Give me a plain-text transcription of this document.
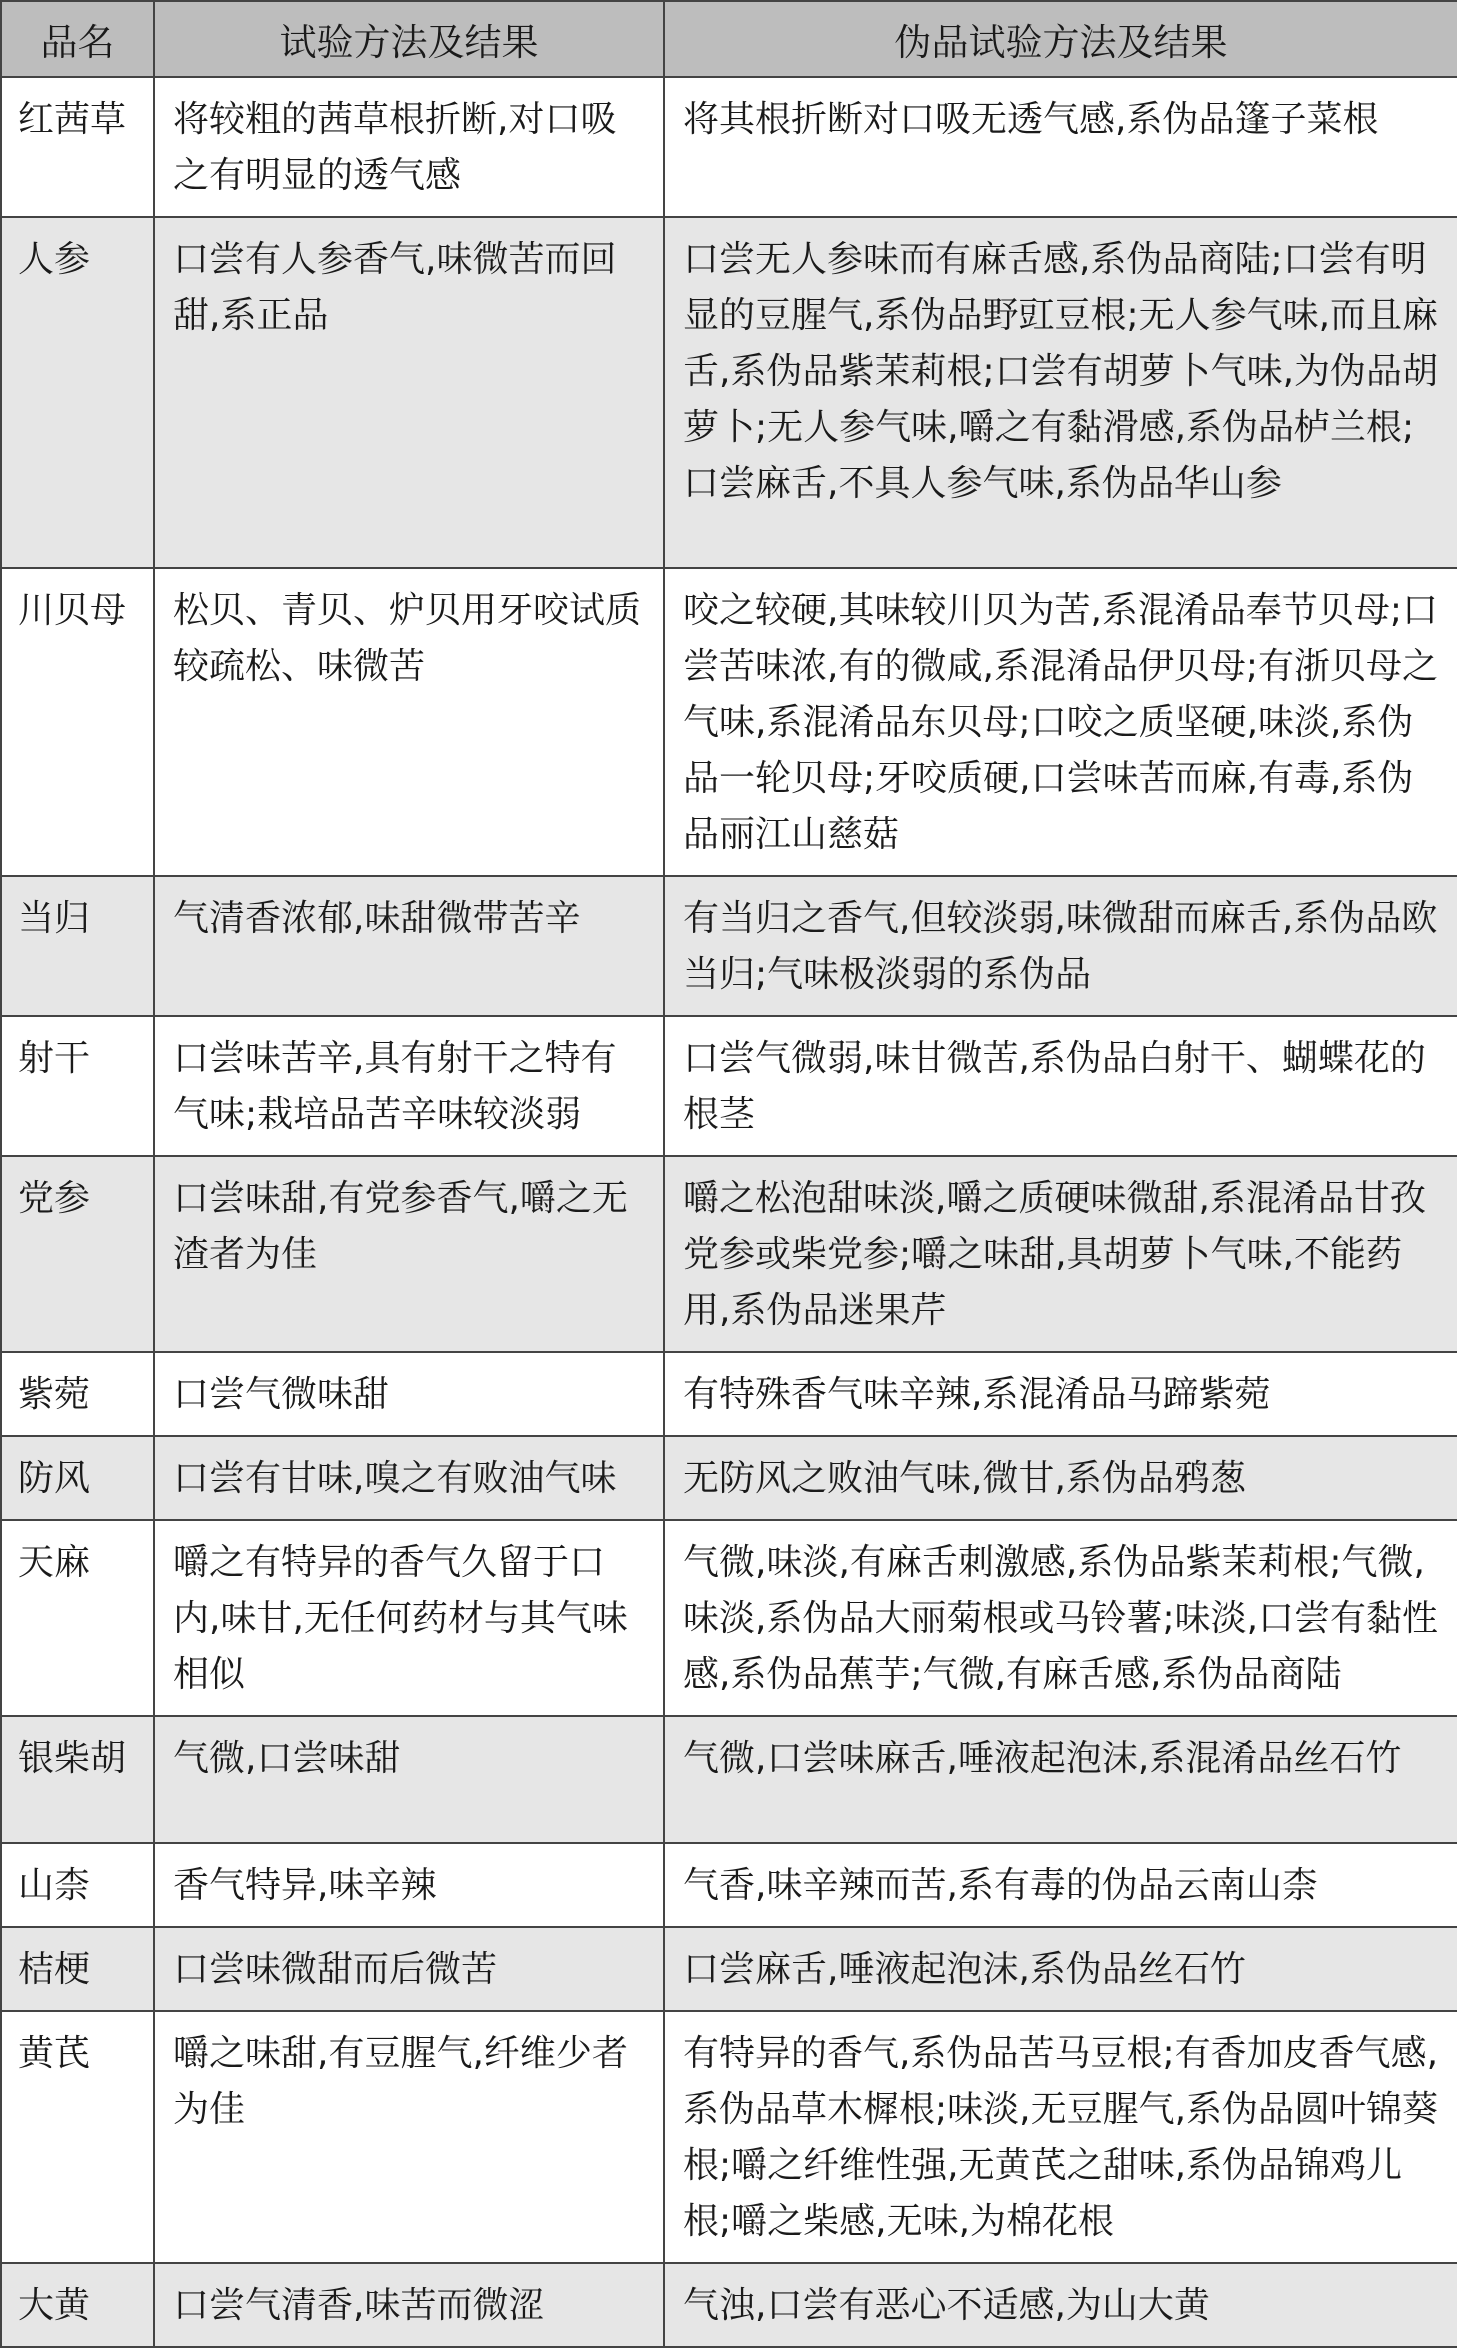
品名	试验方法及结果	伪品试验方法及结果
红茜草	将较粗的茜草根折断,对口吸之有明显的透气感	将其根折断对口吸无透气感,系伪品篷子菜根
人参	口尝有人参香气,味微苦而回甜,系正品	口尝无人参味而有麻舌感,系伪品商陆;口尝有明显的豆腥气,系伪品野豇豆根;无人参气味,而且麻舌,系伪品紫茉莉根;口尝有胡萝卜气味,为伪品胡萝卜;无人参气味,嚼之有黏滑感,系伪品栌兰根;口尝麻舌,不具人参气味,系伪品华山参
川贝母	松贝、青贝、炉贝用牙咬试质较疏松、味微苦	咬之较硬,其味较川贝为苦,系混淆品奉节贝母;口尝苦味浓,有的微咸,系混淆品伊贝母;有浙贝母之气味,系混淆品东贝母;口咬之质坚硬,味淡,系伪品一轮贝母;牙咬质硬,口尝味苦而麻,有毒,系伪品丽江山慈菇
当归	气清香浓郁,味甜微带苦辛	有当归之香气,但较淡弱,味微甜而麻舌,系伪品欧当归;气味极淡弱的系伪品
射干	口尝味苦辛,具有射干之特有气味;栽培品苦辛味较淡弱	口尝气微弱,味甘微苦,系伪品白射干、蝴蝶花的根茎
党参	口尝味甜,有党参香气,嚼之无渣者为佳	嚼之松泡甜味淡,嚼之质硬味微甜,系混淆品甘孜党参或柴党参;嚼之味甜,具胡萝卜气味,不能药用,系伪品迷果芹
紫菀	口尝气微味甜	有特殊香气味辛辣,系混淆品马蹄紫菀
防风	口尝有甘味,嗅之有败油气味	无防风之败油气味,微甘,系伪品鸦葱
天麻	嚼之有特异的香气久留于口内,味甘,无任何药材与其气味相似	气微,味淡,有麻舌刺激感,系伪品紫茉莉根;气微,味淡,系伪品大丽菊根或马铃薯;味淡,口尝有黏性感,系伪品蕉芋;气微,有麻舌感,系伪品商陆
银柴胡	气微,口尝味甜	气微,口尝味麻舌,唾液起泡沫,系混淆品丝石竹
山柰	香气特异,味辛辣	气香,味辛辣而苦,系有毒的伪品云南山柰
桔梗	口尝味微甜而后微苦	口尝麻舌,唾液起泡沫,系伪品丝石竹
黄芪	嚼之味甜,有豆腥气,纤维少者为佳	有特异的香气,系伪品苦马豆根;有香加皮香气感,系伪品草木樨根;味淡,无豆腥气,系伪品圆叶锦葵根;嚼之纤维性强,无黄芪之甜味,系伪品锦鸡儿根;嚼之柴感,无味,为棉花根
大黄	口尝气清香,味苦而微涩	气浊,口尝有恶心不适感,为山大黄
